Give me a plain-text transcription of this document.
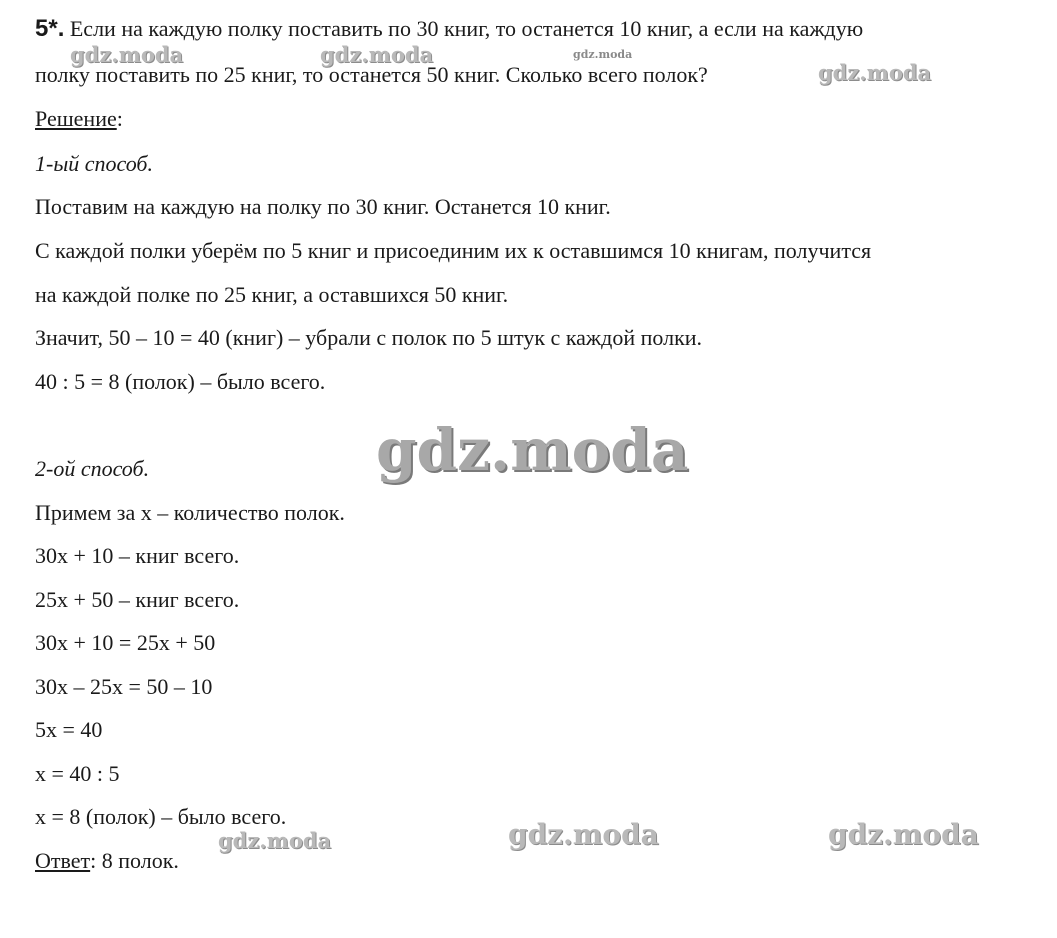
5*. Если на каждую полку поставить по 30 книг, то останется 10 книг, а если на каждую
полку поставить по 25 книг, то останется 50 книг. Сколько всего полок?
Решение:
1-ый способ.
Поставим на каждую на полку по 30 книг. Останется 10 книг.
С каждой полки уберём по 5 книг и присоединим их к оставшимся 10 книгам, получится
на каждой полке по 25 книг, а оставшихся 50 книг.
Значит, 50 – 10 = 40 (книг) – убрали с полок по 5 штук с каждой полки.
40 : 5 = 8 (полок) – было всего.
2-ой способ.
Примем за х – количество полок.
30х + 10 – книг всего.
25х + 50 – книг всего.
30х + 10 = 25х + 50
30х – 25х = 50 – 10
5х = 40
х = 40 : 5
х = 8 (полок) – было всего.
Ответ: 8 полок.
gdz.moda	gdz.moda	gdz.moda
gdz.moda
gdz.moda
gdz.moda	gdz.moda	gdz.moda
